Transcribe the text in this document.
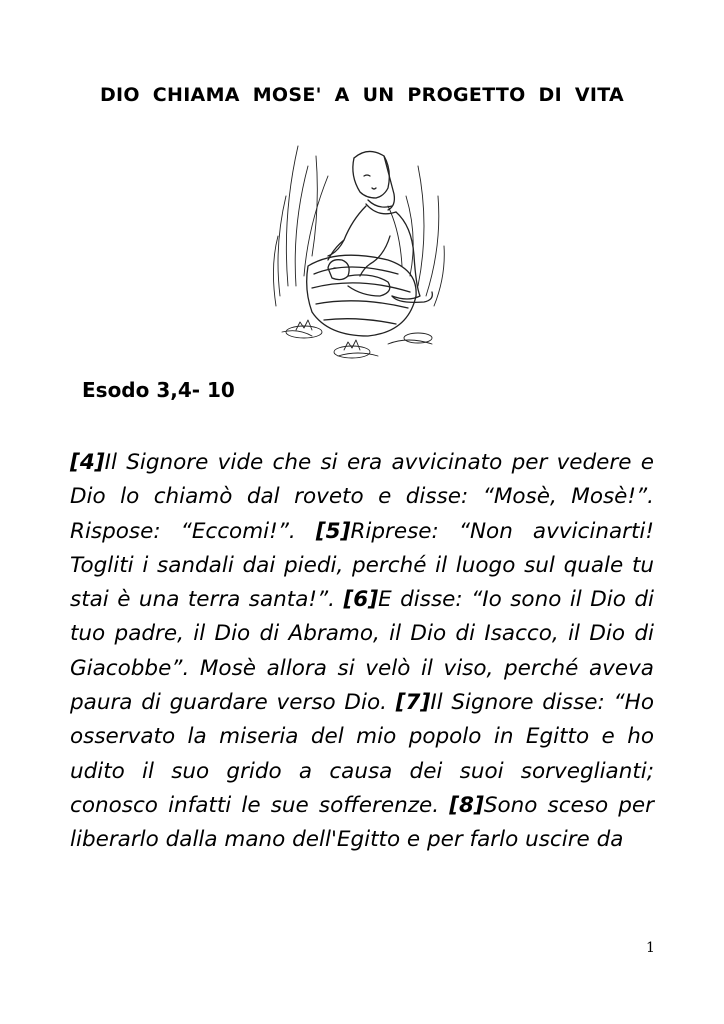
DIO CHIAMA MOSE' A UN PROGETTO DI VITA

Esodo 3,4- 10

[4]Il Signore vide che si era avvicinato per vedere e Dio lo chiamò dal roveto e disse: “Mosè, Mosè!”. Rispose: “Eccomi!”. [5]Riprese: “Non avvicinarti! Togliti i sandali dai piedi, perché il luogo sul quale tu stai è una terra santa!”. [6]E disse: “Io sono il Dio di tuo padre, il Dio di Abramo, il Dio di Isacco, il Dio di Giacobbe”. Mosè allora si velò il viso, perché aveva paura di guardare verso Dio. [7]Il Signore disse: “Ho osservato la miseria del mio popolo in Egitto e ho udito il suo grido a causa dei suoi sorveglianti; conosco infatti le sue sofferenze. [8]Sono sceso per liberarlo dalla mano dell'Egitto e per farlo uscire da

1
